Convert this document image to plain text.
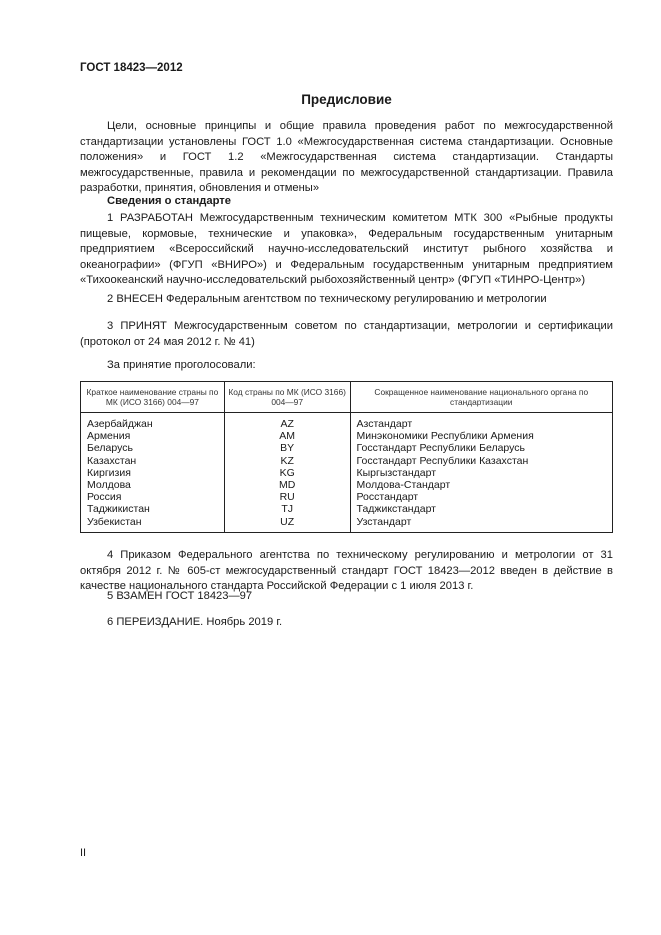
ГОСТ 18423—2012
Предисловие

Цели, основные принципы и общие правила проведения работ по межгосударственной стандартизации установлены ГОСТ 1.0 «Межгосударственная система стандартизации. Основные положения» и ГОСТ 1.2 «Межгосударственная система стандартизации. Стандарты межгосударственные, правила и рекомендации по межгосударственной стандартизации. Правила разработки, принятия, обновления и отмены»

Сведения о стандарте

1 РАЗРАБОТАН Межгосударственным техническим комитетом МТК 300 «Рыбные продукты пищевые, кормовые, технические и упаковка», Федеральным государственным унитарным предприятием «Всероссийский научно-исследовательский институт рыбного хозяйства и океанографии» (ФГУП «ВНИРО») и Федеральным государственным унитарным предприятием «Тихоокеанский научно-исследовательский рыбохозяйственный центр» (ФГУП «ТИНРО-Центр»)

2 ВНЕСЕН Федеральным агентством по техническому регулированию и метрологии

3 ПРИНЯТ Межгосударственным советом по стандартизации, метрологии и сертификации (протокол от 24 мая 2012 г. № 41)

За принятие проголосовали:

Краткое наименование страны по МК (ИСО 3166) 004—97	Код страны по МК (ИСО 3166) 004—97	Сокращенное наименование национального органа по стандартизации
Азербайджан	AZ	Азстандарт
Армения	AM	Минэкономики Республики Армения
Беларусь	BY	Госстандарт Республики Беларусь
Казахстан	KZ	Госстандарт Республики Казахстан
Киргизия	KG	Кыргызстандарт
Молдова	MD	Молдова-Стандарт
Россия	RU	Росстандарт
Таджикистан	TJ	Таджикстандарт
Узбекистан	UZ	Узстандарт

4 Приказом Федерального агентства по техническому регулированию и метрологии от 31 октября 2012 г. № 605-ст межгосударственный стандарт ГОСТ 18423—2012 введен в действие в качестве национального стандарта Российской Федерации с 1 июля 2013 г.

5 ВЗАМЕН ГОСТ 18423—97

6 ПЕРЕИЗДАНИЕ. Ноябрь 2019 г.

II
